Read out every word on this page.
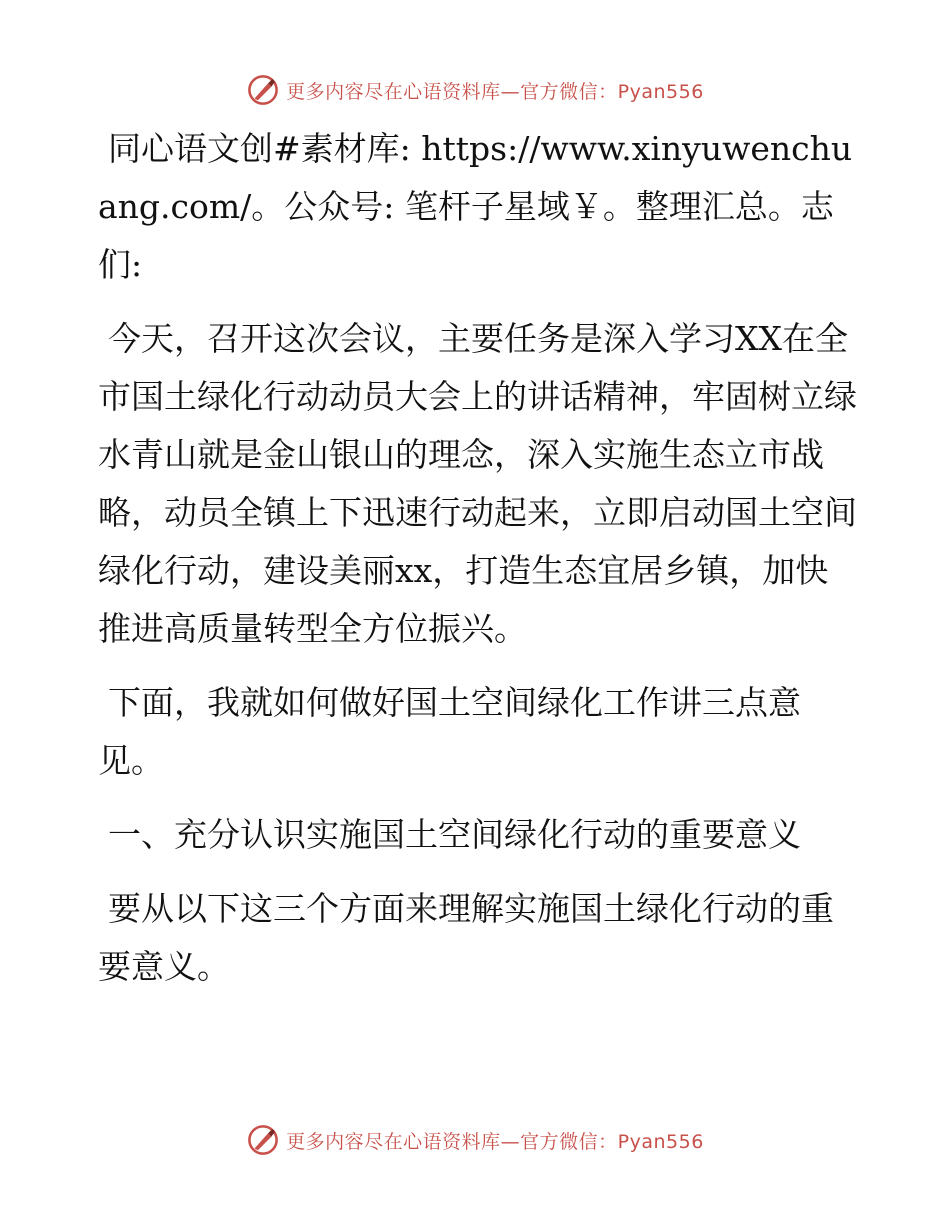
更多内容尽在心语资料库—官方微信：Pyan556

同心语文创#素材库: https://www.xinyuwenchuang.com/。公众号: 笔杆子星域￥。整理汇总。志们:

今天，召开这次会议，主要任务是深入学习XX在全市国土绿化行动动员大会上的讲话精神，牢固树立绿水青山就是金山银山的理念，深入实施生态立市战略，动员全镇上下迅速行动起来，立即启动国土空间绿化行动，建设美丽xx，打造生态宜居乡镇，加快推进高质量转型全方位振兴。

下面，我就如何做好国土空间绿化工作讲三点意见。

一、充分认识实施国土空间绿化行动的重要意义

要从以下这三个方面来理解实施国土绿化行动的重要意义。

更多内容尽在心语资料库—官方微信：Pyan556
